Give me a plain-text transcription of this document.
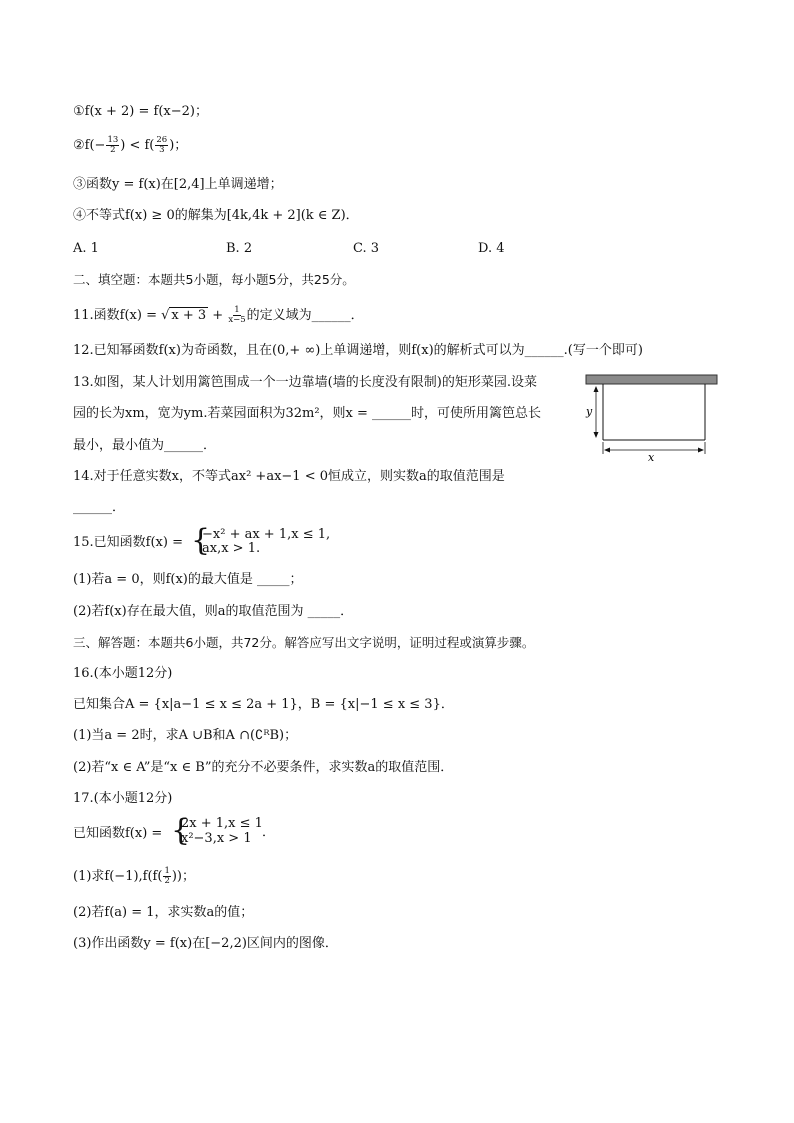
①f(x + 2) = f(x−2)；
②f(− $\frac{13}{2}$ ) < $f( \frac{26}{3}$ )；
③函数y = f(x)在[2,4]上单调递增；
④不等式f(x) ≥ 0的解集为[4k,4k + 2](k ∈ Z)．
A. 1	B. 2	C. 3	D. 4
二、填空题：本题共5小题，每小题5分，共25分。
11.函数f(x) = √ $x + 3 + \frac{1}{x-5}$ 的定义域为______．
12.已知幂函数f(x)为奇函数，且在(0,+ ∞)上单调递增，则f(x)的解析式可以为______.(写一个即可)
13.如图，某人计划用篱笆围成一个一边靠墙(墙的长度没有限制)的矩形菜园.设菜
园的长为xm，宽为ym.若菜园面积为32m²，则x = ______时，可使所用篱笆总长
最小，最小值为______．
y
x
14.对于任意实数x，不等式ax² +ax−1 < 0恒成立，则实数a的取值范围是
______．
15.已知函数f(x) = {
−x² + ax + 1,x ≤ 1,
ax,x > 1.
(1)若a = 0，则f(x)的最大值是 _____；
(2)若f(x)存在最大值，则a的取值范围为 _____．
三、解答题：本题共6小题，共72分。解答应写出文字说明，证明过程或演算步骤。
16.(本小题12分)
已知集合A = {x|a−1 ≤ x ≤ 2a + 1}，B = {x|−1 ≤ x ≤ 3}．
(1)当a = 2时，求A ∪B和A ∩(∁ᴿB)；
(2)若“x ∈ A”是“x ∈ B”的充分不必要条件，求实数a的取值范围．
17.(本小题12分)
已知函数f(x) = {
2x + 1,x ≤ 1
x²−3,x > 1 ．
(1)求$f(-1),f(f( \frac{1}{2}$ ))；
(2)若f(a) = 1，求实数a的值；
(3)作出函数y = f(x)在[−2,2)区间内的图像．
